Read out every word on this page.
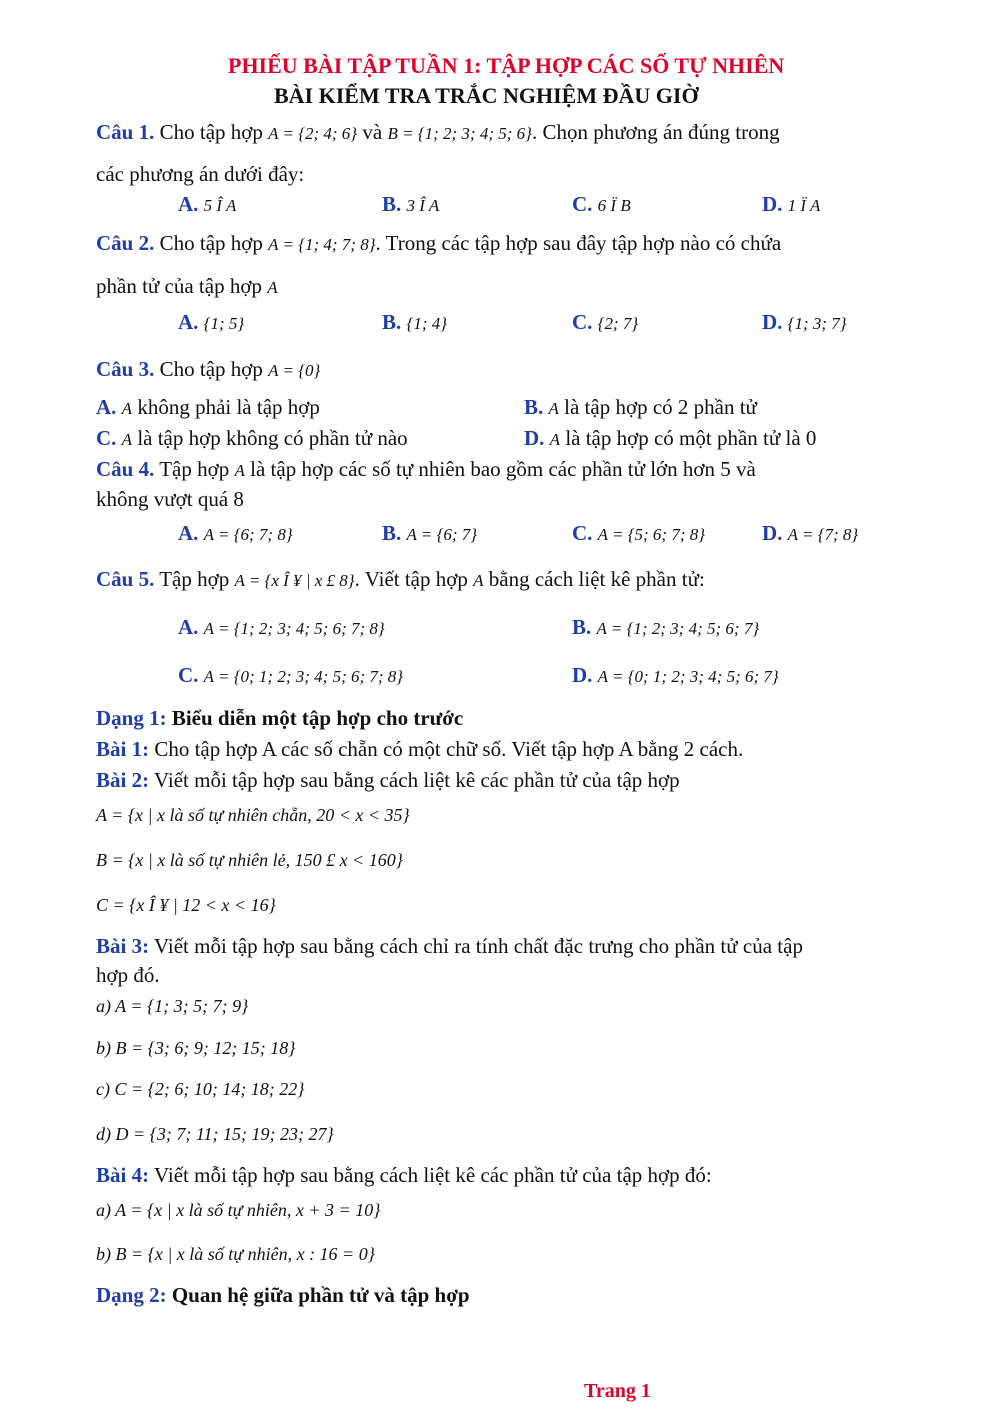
PHIẾU BÀI TẬP TUẦN 1: TẬP HỢP CÁC SỐ TỰ NHIÊN
BÀI KIỂM TRA TRẮC NGHIỆM ĐẦU GIỜ
Câu 1. Cho tập hợp A = {2; 4; 6} và B = {1; 2; 3; 4; 5; 6}. Chọn phương án đúng trong
các phương án dưới đây:
A. 5 Î A	B. 3 Î A	C. 6 Ï B	D. 1 Ï A
Câu 2. Cho tập hợp A = {1; 4; 7; 8}. Trong các tập hợp sau đây tập hợp nào có chứa
phần tử của tập hợp A
A. {1; 5}	B. {1; 4}	C. {2; 7}	D. {1; 3; 7}
Câu 3. Cho tập hợp A = {0}
A. A không phải là tập hợp	B. A là tập hợp có 2 phần tử
C. A là tập hợp không có phần tử nào	D. A là tập hợp có một phần tử là 0
Câu 4. Tập hợp A là tập hợp các số tự nhiên bao gồm các phần tử lớn hơn 5 và
không vượt quá 8
A. A = {6; 7; 8}	B. A = {6; 7}	C. A = {5; 6; 7; 8}	D. A = {7; 8}
Câu 5. Tập hợp A = {x Î ¥ | x £ 8}. Viết tập hợp A bằng cách liệt kê phần tử:
A. A = {1; 2; 3; 4; 5; 6; 7; 8}	B. A = {1; 2; 3; 4; 5; 6; 7}
C. A = {0; 1; 2; 3; 4; 5; 6; 7; 8}	D. A = {0; 1; 2; 3; 4; 5; 6; 7}
Dạng 1: Biểu diễn một tập hợp cho trước
Bài 1: Cho tập hợp A các số chẵn có một chữ số. Viết tập hợp A bằng 2 cách.
Bài 2: Viết mỗi tập hợp sau bằng cách liệt kê các phần tử của tập hợp
A = {x | x là số tự nhiên chẵn, 20 < x < 35}
B = {x | x là số tự nhiên lẻ, 150 £ x < 160}
C = {x Î ¥ | 12 < x < 16}
Bài 3: Viết mỗi tập hợp sau bằng cách chỉ ra tính chất đặc trưng cho phần tử của tập
hợp đó.
a) A = {1; 3; 5; 7; 9}
b) B = {3; 6; 9; 12; 15; 18}
c) C = {2; 6; 10; 14; 18; 22}
d) D = {3; 7; 11; 15; 19; 23; 27}
Bài 4: Viết mỗi tập hợp sau bằng cách liệt kê các phần tử của tập hợp đó:
a) A = {x | x là số tự nhiên, x + 3 = 10}
b) B = {x | x là số tự nhiên, x : 16 = 0}
Dạng 2: Quan hệ giữa phần tử và tập hợp
Trang 1
